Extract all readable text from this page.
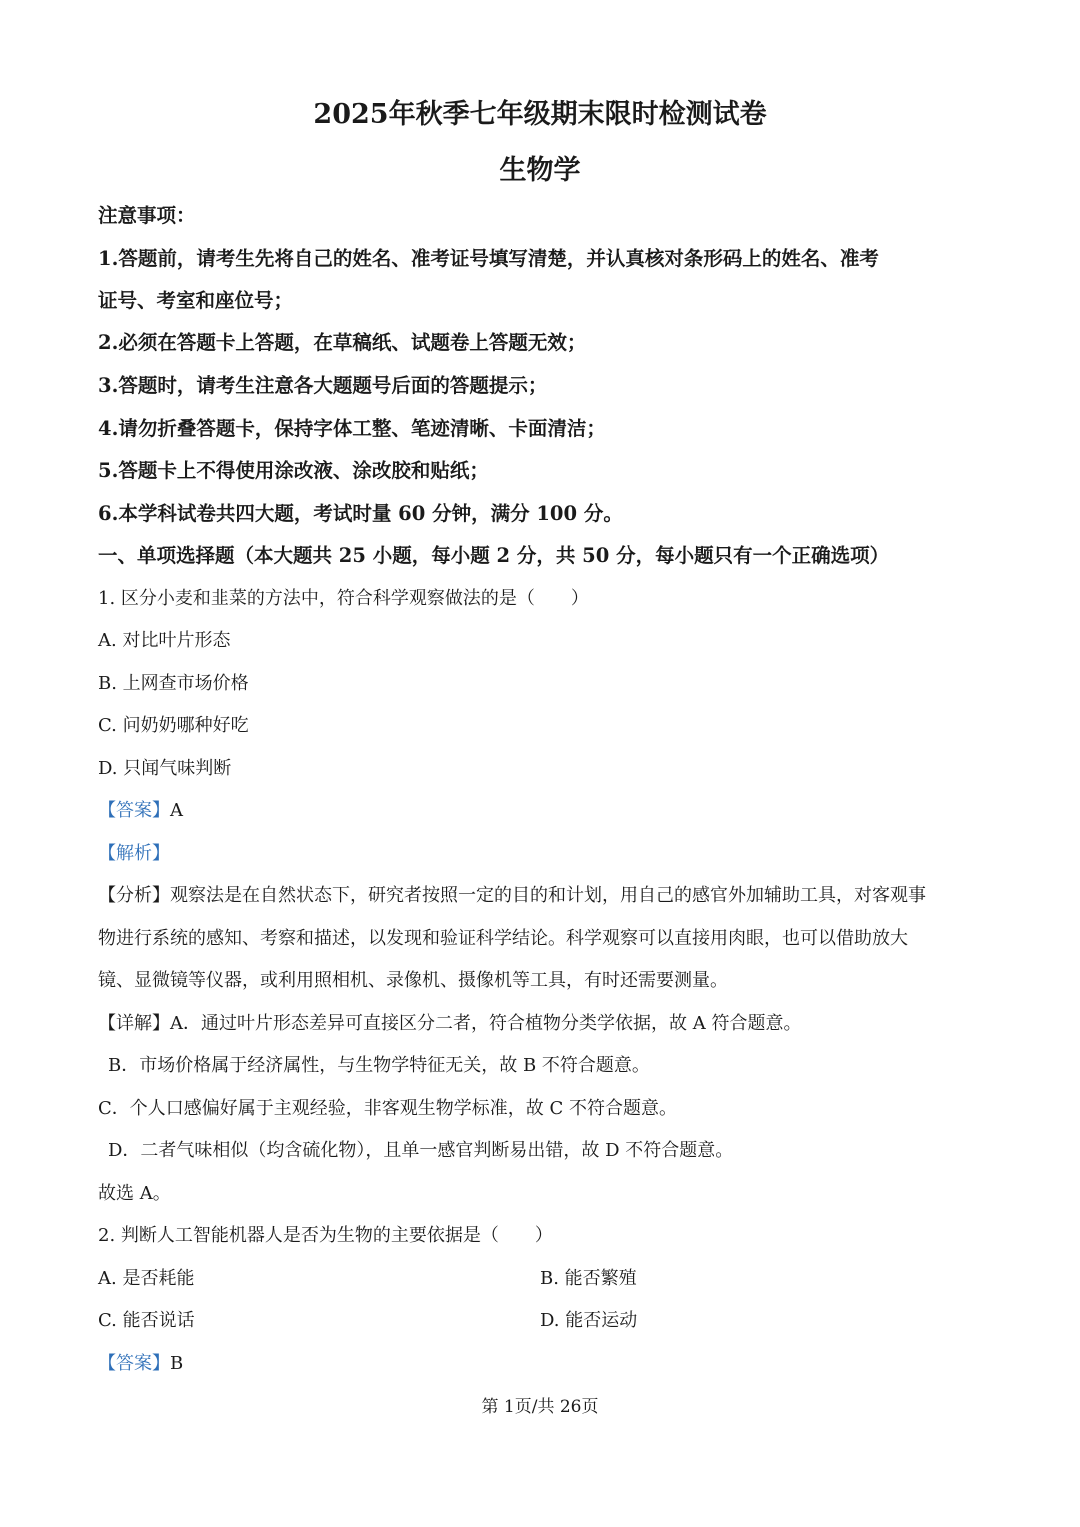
2025年秋季七年级期末限时检测试卷
生物学
注意事项：
1.答题前，请考生先将自己的姓名、准考证号填写清楚，并认真核对条形码上的姓名、准考
证号、考室和座位号；
2.必须在答题卡上答题，在草稿纸、试题卷上答题无效；
3.答题时，请考生注意各大题题号后面的答题提示；
4.请勿折叠答题卡，保持字体工整、笔迹清晰、卡面清洁；
5.答题卡上不得使用涂改液、涂改胶和贴纸；
6.本学科试卷共四大题，考试时量 60 分钟，满分 100 分。
一、单项选择题（本大题共 25 小题，每小题 2 分，共 50 分，每小题只有一个正确选项）
1. 区分小麦和韭菜的方法中，符合科学观察做法的是（　　）
A. 对比叶片形态
B. 上网查市场价格
C. 问奶奶哪种好吃
D. 只闻气味判断
【答案】A
【解析】
【分析】观察法是在自然状态下，研究者按照一定的目的和计划，用自己的感官外加辅助工具，对客观事
物进行系统的感知、考察和描述，以发现和验证科学结论。科学观察可以直接用肉眼，也可以借助放大
镜、显微镜等仪器，或利用照相机、录像机、摄像机等工具，有时还需要测量。
【详解】A．通过叶片形态差异可直接区分二者，符合植物分类学依据，故 A 符合题意。
B．市场价格属于经济属性，与生物学特征无关，故 B 不符合题意。
C．个人口感偏好属于主观经验，非客观生物学标准，故 C 不符合题意。
D．二者气味相似（均含硫化物），且单一感官判断易出错，故 D 不符合题意。
故选 A。
2. 判断人工智能机器人是否为生物的主要依据是（　　）
A. 是否耗能	B. 能否繁殖
C. 能否说话	D. 能否运动
【答案】B
第 1页/共 26页
